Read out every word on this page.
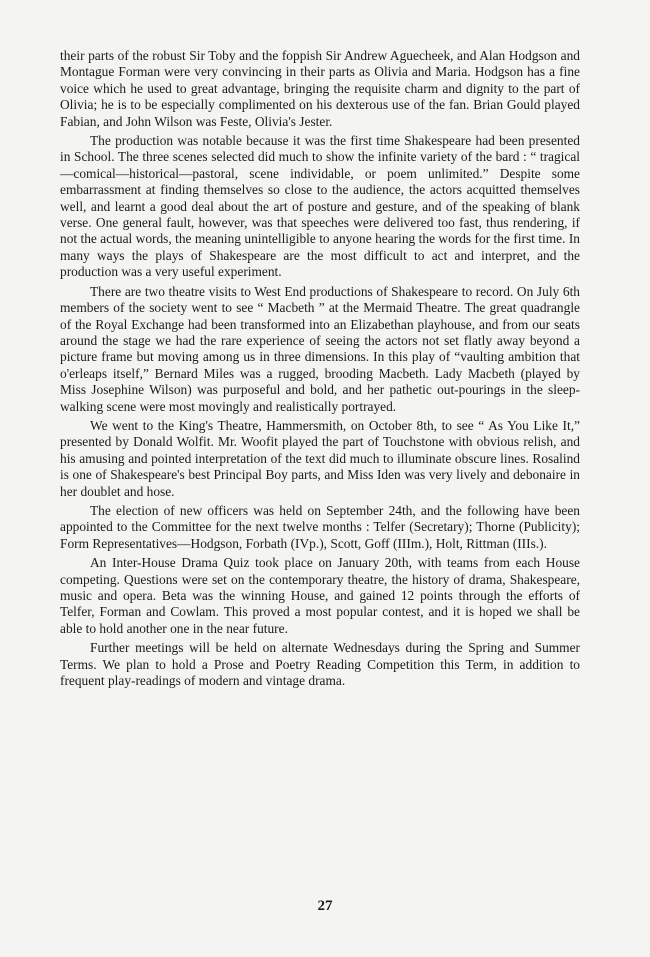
their parts of the robust Sir Toby and the foppish Sir Andrew Aguecheek, and Alan Hodgson and Montague Forman were very convincing in their parts as Olivia and Maria. Hodgson has a fine voice which he used to great advantage, bringing the requisite charm and dignity to the part of Olivia; he is to be especially complimented on his dexterous use of the fan. Brian Gould played Fabian, and John Wilson was Feste, Olivia's Jester.

The production was notable because it was the first time Shakespeare had been presented in School. The three scenes selected did much to show the infinite variety of the bard : “ tragical—comical—historical—pastoral, scene individable, or poem unlimited.” Despite some embarrassment at finding themselves so close to the audience, the actors acquitted themselves well, and learnt a good deal about the art of posture and gesture, and of the speaking of blank verse. One general fault, however, was that speeches were delivered too fast, thus rendering, if not the actual words, the meaning unintelligible to anyone hearing the words for the first time. In many ways the plays of Shakespeare are the most difficult to act and interpret, and the production was a very useful experiment.

There are two theatre visits to West End productions of Shakespeare to record. On July 6th members of the society went to see “ Macbeth ” at the Mermaid Theatre. The great quadrangle of the Royal Exchange had been transformed into an Elizabethan playhouse, and from our seats around the stage we had the rare experience of seeing the actors not set flatly away beyond a picture frame but moving among us in three dimensions. In this play of “vaulting ambition that o'erleaps itself,” Bernard Miles was a rugged, brooding Macbeth. Lady Macbeth (played by Miss Josephine Wilson) was purposeful and bold, and her pathetic out-pourings in the sleep-walking scene were most movingly and realistically portrayed.

We went to the King's Theatre, Hammersmith, on October 8th, to see “ As You Like It,” presented by Donald Wolfit. Mr. Woofit played the part of Touchstone with obvious relish, and his amusing and pointed interpretation of the text did much to illuminate obscure lines. Rosalind is one of Shakespeare's best Principal Boy parts, and Miss Iden was very lively and debonaire in her doublet and hose.

The election of new officers was held on September 24th, and the following have been appointed to the Committee for the next twelve months : Telfer (Secretary); Thorne (Publicity); Form Representatives—Hodgson, Forbath (IVp.), Scott, Goff (IIIm.), Holt, Rittman (IIIs.).

An Inter-House Drama Quiz took place on January 20th, with teams from each House competing. Questions were set on the contemporary theatre, the history of drama, Shakespeare, music and opera. Beta was the winning House, and gained 12 points through the efforts of Telfer, Forman and Cowlam. This proved a most popular contest, and it is hoped we shall be able to hold another one in the near future.

Further meetings will be held on alternate Wednesdays during the Spring and Summer Terms. We plan to hold a Prose and Poetry Reading Competition this Term, in addition to frequent play-readings of modern and vintage drama.

27
